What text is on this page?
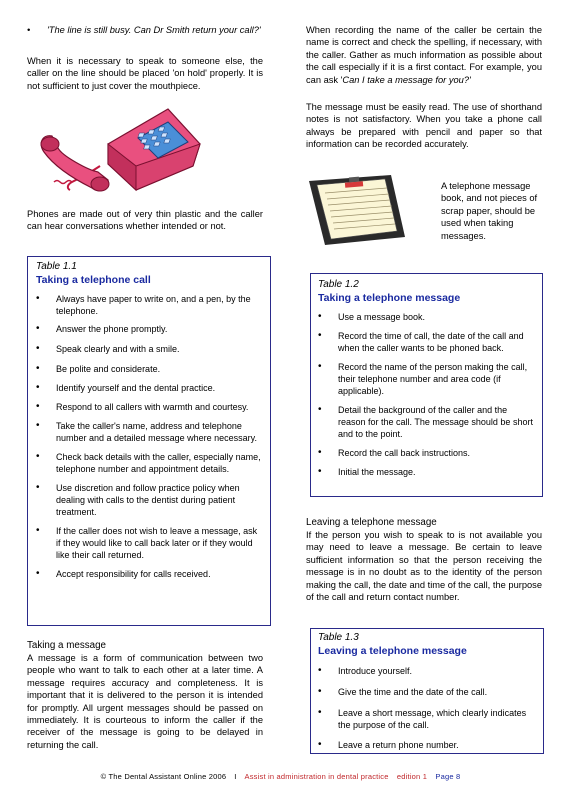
• 'The line is still busy. Can Dr Smith return your call?'

When it is necessary to speak to someone else, the caller on the line should be placed 'on hold' properly. It is not sufficient to just cover the mouthpiece.

Phones are made out of very thin plastic and the caller can hear conversations whether intended or not.

Table 1.1
Taking a telephone call
• Always have paper to write on, and a pen, by the telephone.
• Answer the phone promptly.
• Speak clearly and with a smile.
• Be polite and considerate.
• Identify yourself and the dental practice.
• Respond to all callers with warmth and courtesy.
• Take the caller's name, address and telephone number and a detailed message where necessary.
• Check back details with the caller, especially name, telephone number and appointment details.
• Use discretion and follow practice policy when dealing with calls to the dentist during patient treatment.
• If the caller does not wish to leave a message, ask if they would like to call back later or if they would like their call returned.
• Accept responsibility for calls received.
Taking a message

A message is a form of communication between two people who want to talk to each other at a later time. A message requires accuracy and completeness. It is important that it is delivered to the person it is intended for promptly. All urgent messages should be passed on immediately. It is courteous to inform the caller if the receiver of the message is going to be delayed in returning the call.

When recording the name of the caller be certain the name is correct and check the spelling, if necessary, with the caller. Gather as much information as possible about the call especially if it is a first contact. For example, you can ask 'Can I take a message for you?'

The message must be easily read. The use of shorthand notes is not satisfactory. When you take a phone call always be prepared with pencil and paper so that information can be recorded accurately.

A telephone message book, and not pieces of scrap paper, should be used when taking messages.

Table 1.2
Taking a telephone message
• Use a message book.
• Record the time of call, the date of the call and when the caller wants to be phoned back.
• Record the name of the person making the call, their telephone number and area code (if applicable).
• Detail the background of the caller and the reason for the call. The message should be short and to the point.
• Record the call back instructions.
• Initial the message.
Leaving a telephone message

If the person you wish to speak to is not available you may need to leave a message. Be certain to leave sufficient information so that the person receiving the message is in no doubt as to the identity of the person making the call, the date and time of the call, the purpose of the call and return contact number.

Table 1.3
Leaving a telephone message
• Introduce yourself.
• Give the time and the date of the call.
• Leave a short message, which clearly indicates the purpose of the call.
• Leave a return phone number.
© The Dental Assistant Online 2006 I Assist in administration in dental practice edition 1 Page 8
